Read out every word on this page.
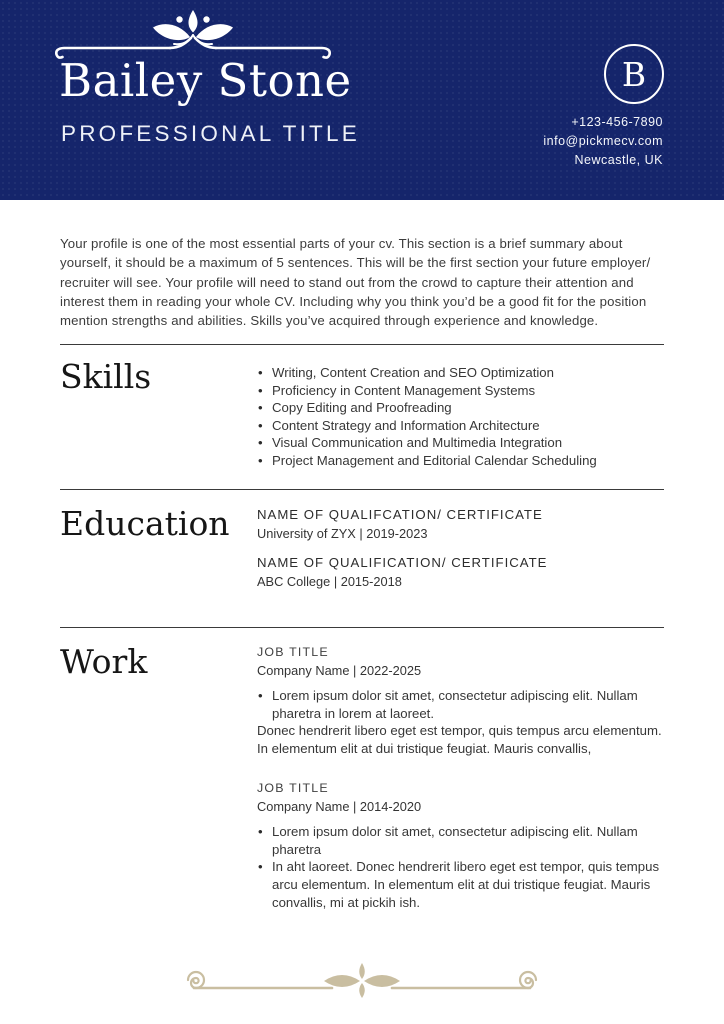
Bailey Stone
PROFESSIONAL TITLE
B
+123-456-7890
info@pickmecv.com
Newcastle, UK

Your profile is one of the most essential parts of your cv. This section is a brief summary about yourself, it should be a maximum of 5 sentences. This will be the first section your future employer/ recruiter will see. Your profile will need to stand out from the crowd to capture their attention and interest them in reading your whole CV. Including why you think you’d be a good fit for the position mention strengths and abilities. Skills you’ve acquired through experience and knowledge.

Skills	• Writing, Content Creation and SEO Optimization
• Proficiency in Content Management Systems
• Copy Editing and Proofreading
• Content Strategy and Information Architecture
• Visual Communication and Multimedia Integration
• Project Management and Editorial Calendar Scheduling
Education	NAME OF QUALIFCATION/ CERTIFICATE

University of ZYX | 2019-2023

NAME OF QUALIFICATION/ CERTIFICATE

ABC College | 2015-2018

Work	JOB TITLE

Company Name | 2022-2025

• Lorem ipsum dolor sit amet, consectetur adipiscing elit. Nullam pharetra in lorem at laoreet.

Donec hendrerit libero eget est tempor, quis tempus arcu elementum. In elementum elit at dui tristique feugiat. Mauris convallis,

JOB TITLE

Company Name | 2014-2020

• Lorem ipsum dolor sit amet, consectetur adipiscing elit. Nullam pharetra
• In aht laoreet. Donec hendrerit libero eget est tempor, quis tempus arcu elementum. In elementum elit at dui tristique feugiat. Mauris convallis, mi at pickih ish.
